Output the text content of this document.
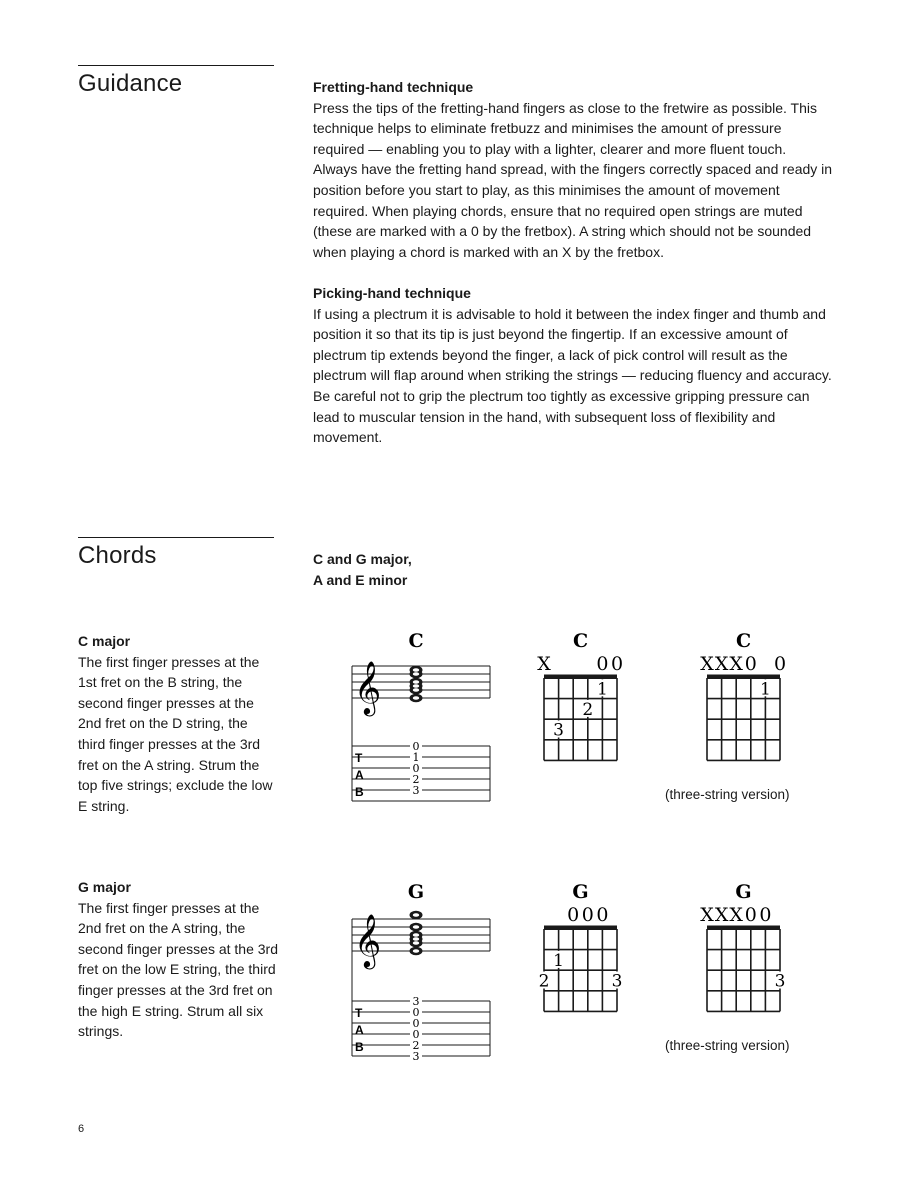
Guidance	Fretting-hand technique

Press the tips of the fretting-hand fingers as close to the fretwire as possible. This technique helps to eliminate fretbuzz and minimises the amount of pressure required — enabling you to play with a lighter, clearer and more fluent touch. Always have the fretting hand spread, with the fingers correctly spaced and ready in position before you start to play, as this minimises the amount of movement required. When playing chords, ensure that no required open strings are muted (these are marked with a 0 by the fretbox). A string which should not be sounded when playing a chord is marked with an X by the fretbox.

Picking-hand technique

If using a plectrum it is advisable to hold it between the index finger and thumb and position it so that its tip is just beyond the fingertip. If an excessive amount of plectrum tip extends beyond the finger, a lack of pick control will result as the plectrum will flap around when striking the strings — reducing fluency and accuracy. Be careful not to grip the plectrum too tightly as excessive gripping pressure can lead to muscular tension in the hand, with subsequent loss of flexibility and movement.

Chords	C and G major,
A and E minor
C major

The first finger presses at the 1st fret on the B string, the second finger presses at the 2nd fret on the D string, the third finger presses at the 3rd fret on the A string. Strum the top five strings; exclude the low E string.

G major

The first finger presses at the 2nd fret on the A string, the second finger presses at the 3rd fret on the low E string, the third finger presses at the 3rd fret on the high E string. Strum all six strings.

C
𝄞
T
A
B
0
1
0
2
3
G
𝄞
T
A
B
3
0
0
0
2
3
C
X 0 0
1
2
3
C
X X X 0 0
1
(three-string version)
G
0 0 0
1
2	3
G
X X X 0 0
3
(three-string version)
6
